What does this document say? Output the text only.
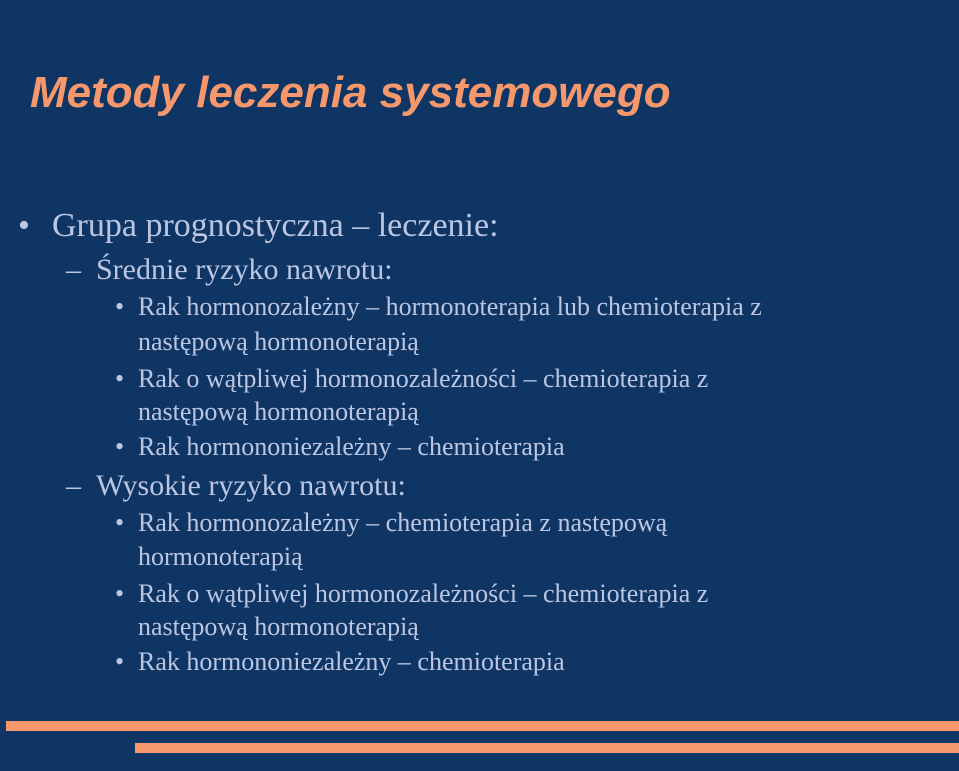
Metody leczenia systemowego
• Grupa prognostyczna – leczenie:
– Średnie ryzyko nawrotu:
• Rak hormonozależny – hormonoterapia lub chemioterapia z
następową hormonoterapią
• Rak o wątpliwej hormonozależności – chemioterapia z
następową hormonoterapią
• Rak hormononiezależny – chemioterapia
– Wysokie ryzyko nawrotu:
• Rak hormonozależny – chemioterapia z następową
hormonoterapią
• Rak o wątpliwej hormonozależności – chemioterapia z
następową hormonoterapią
• Rak hormononiezależny – chemioterapia
